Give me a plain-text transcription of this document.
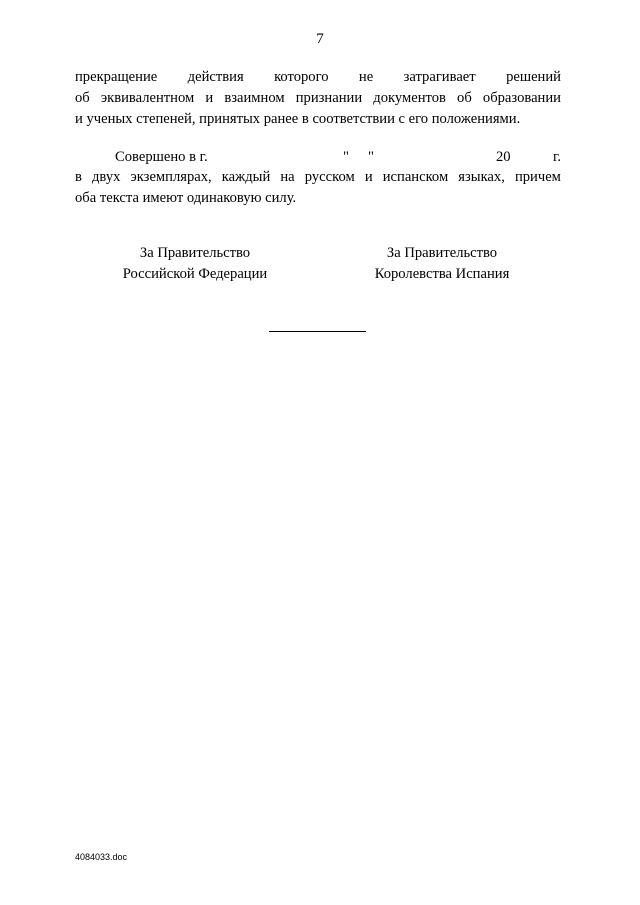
7
прекращение действия которого не затрагивает решений
об эквивалентном и взаимном признании документов об образовании
и ученых степеней, принятых ранее в соответствии с его положениями.
Совершено в г.	" "	20	г.
в двух экземплярах, каждый на русском и испанском языках, причем
оба текста имеют одинаковую силу.
За Правительство
Российской Федерации
За Правительство
Королевства Испания
4084033.doc
